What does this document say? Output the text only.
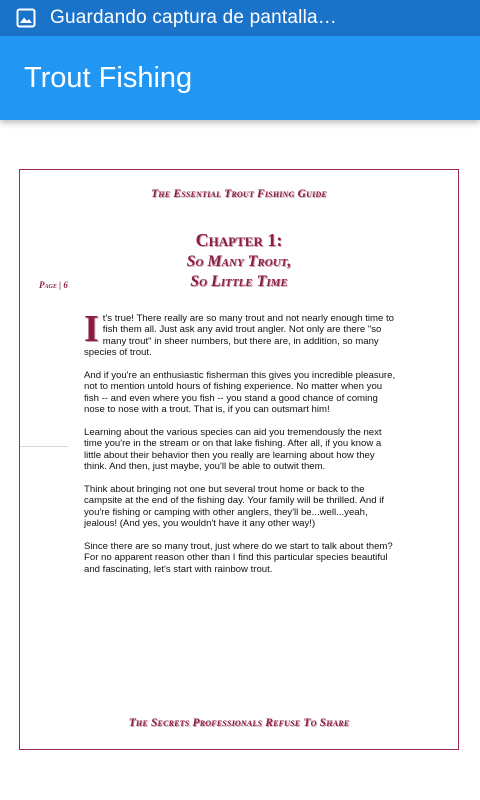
Guardando captura de pantalla…
Trout Fishing
The Essential Trout Fishing Guide
Chapter 1:
So Many Trout,
So Little Time
Page | 6

It's true! There really are so many trout and not nearly enough time to fish them all. Just ask any avid trout angler. Not only are there "so many trout" in sheer numbers, but there are, in addition, so many species of trout.

And if you're an enthusiastic fisherman this gives you incredible pleasure, not to mention untold hours of fishing experience. No matter when you fish -- and even where you fish -- you stand a good chance of coming nose to nose with a trout. That is, if you can outsmart him!

Learning about the various species can aid you tremendously the next time you're in the stream or on that lake fishing. After all, if you know a little about their behavior then you really are learning about how they think. And then, just maybe, you'll be able to outwit them.

Think about bringing not one but several trout home or back to the campsite at the end of the fishing day. Your family will be thrilled. And if you're fishing or camping with other anglers, they'll be...well...yeah, jealous! (And yes, you wouldn't have it any other way!)

Since there are so many trout, just where do we start to talk about them? For no apparent reason other than I find this particular species beautiful and fascinating, let's start with rainbow trout.

The Secrets Professionals Refuse To Share
